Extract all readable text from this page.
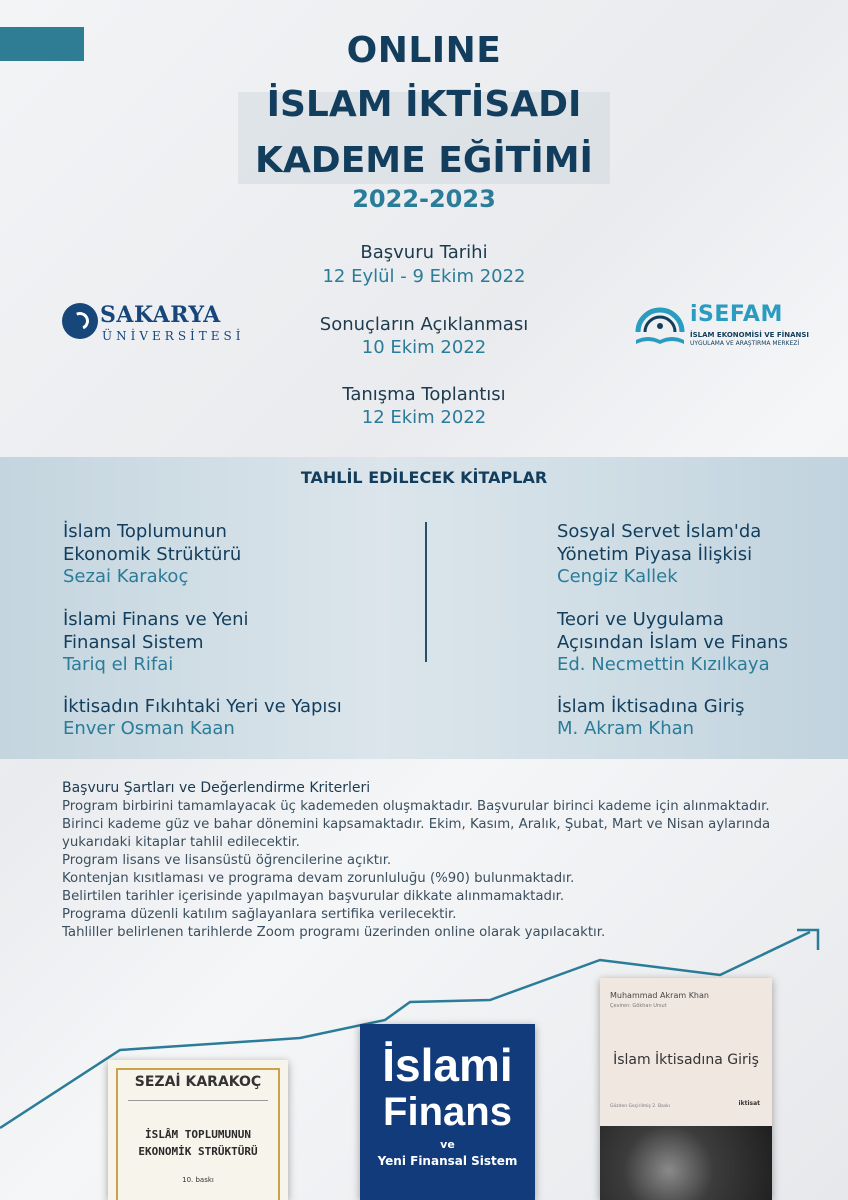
ONLINE
İSLAM İKTİSADI
KADEME EĞİTİMİ
2022-2023
Başvuru Tarihi
12 Eylül - 9 Ekim 2022
Sonuçların Açıklanması
10 Ekim 2022
Tanışma Toplantısı
12 Ekim 2022
SAKARYA
ÜNİVERSİTESİ
iSEFAM
İSLAM EKONOMİSİ VE FİNANSI
UYGULAMA VE ARAŞTIRMA MERKEZİ
TAHLİL EDİLECEK KİTAPLAR
İslam Toplumunun
Ekonomik Strüktürü
Sezai Karakoç
İslami Finans ve Yeni
Finansal Sistem
Tariq el Rifai
İktisadın Fıkıhtaki Yeri ve Yapısı
Enver Osman Kaan
Sosyal Servet İslam'da
Yönetim Piyasa İlişkisi
Cengiz Kallek
Teori ve Uygulama
Açısından İslam ve Finans
Ed. Necmettin Kızılkaya
İslam İktisadına Giriş
M. Akram Khan
Başvuru Şartları ve Değerlendirme Kriterleri
Program birbirini tamamlayacak üç kademeden oluşmaktadır. Başvurular birinci kademe için alınmaktadır.
Birinci kademe güz ve bahar dönemini kapsamaktadır. Ekim, Kasım, Aralık, Şubat, Mart ve Nisan aylarında
yukarıdaki kitaplar tahlil edilecektir.
Program lisans ve lisansüstü öğrencilerine açıktır.
Kontenjan kısıtlaması ve programa devam zorunluluğu (%90) bulunmaktadır.
Belirtilen tarihler içerisinde yapılmayan başvurular dikkate alınmamaktadır.
Programa düzenli katılım sağlayanlara sertifika verilecektir.
Tahliller belirlenen tarihlerde Zoom programı üzerinden online olarak yapılacaktır.
SEZAİ KARAKOÇ
İSLÂM TOPLUMUNUN
EKONOMİK STRÜKTÜRÜ
10. baskı
İslami
Finans
ve
Yeni Finansal Sistem
Muhammad Akram Khan
Çeviren: Gökhan Ursut
İslam İktisadına Giriş
Gözden Geçirilmiş 2. Baskı	iktisat
